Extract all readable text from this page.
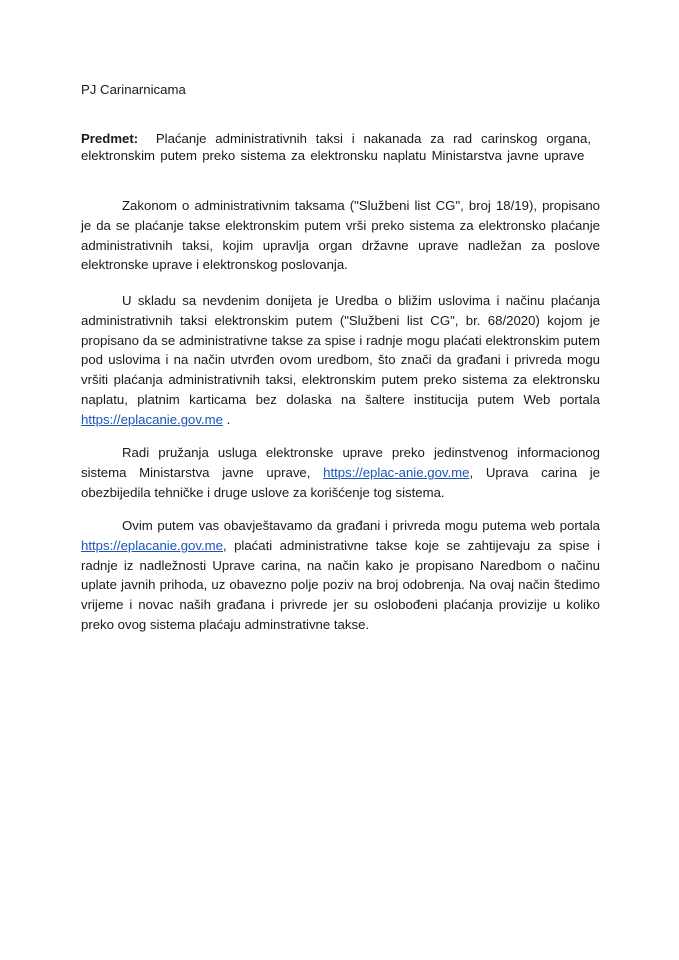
PJ Carinarnicama

Predmet: Plaćanje administrativnih taksi i nakanada za rad carinskog organa, elektronskim putem preko sistema za elektronsku naplatu Ministarstva javne uprave

Zakonom o administrativnim taksama ("Službeni list CG", broj 18/19), propisano je da se plaćanje takse elektronskim putem vrši preko sistema za elektronsko plaćanje administrativnih taksi, kojim upravlja organ državne uprave nadležan za poslove elektronske uprave i elektronskog poslovanja.

U skladu sa nevdenim donijeta je Uredba o bližim uslovima i načinu plaćanja administrativnih taksi elektronskim putem ("Službeni list CG", br. 68/2020) kojom je propisano da se administrativne takse za spise i radnje mogu plaćati elektronskim putem pod uslovima i na način utvrđen ovom uredbom, što znači da građani i privreda mogu vršiti plaćanja administrativnih taksi, elektronskim putem preko sistema za elektronsku naplatu, platnim karticama bez dolaska na šaltere institucija putem Web portala https://eplacanie.gov.me .

Radi pružanja usluga elektronske uprave preko jedinstvenog informacionog sistema Ministarstva javne uprave, https://eplac-anie.gov.me, Uprava carina je obezbijedila tehničke i druge uslove za korišćenje tog sistema.

Ovim putem vas obavještavamo da građani i privreda mogu putema web portala https://eplacanie.gov.me, plaćati administrativne takse koje se zahtijevaju za spise i radnje iz nadležnosti Uprave carina, na način kako je propisano Naredbom o načinu uplate javnih prihoda, uz obavezno polje poziv na broj odobrenja. Na ovaj način štedimo vrijeme i novac naših građana i privrede jer su oslobođeni plaćanja provizije u koliko preko ovog sistema plaćaju adminstrativne takse.
